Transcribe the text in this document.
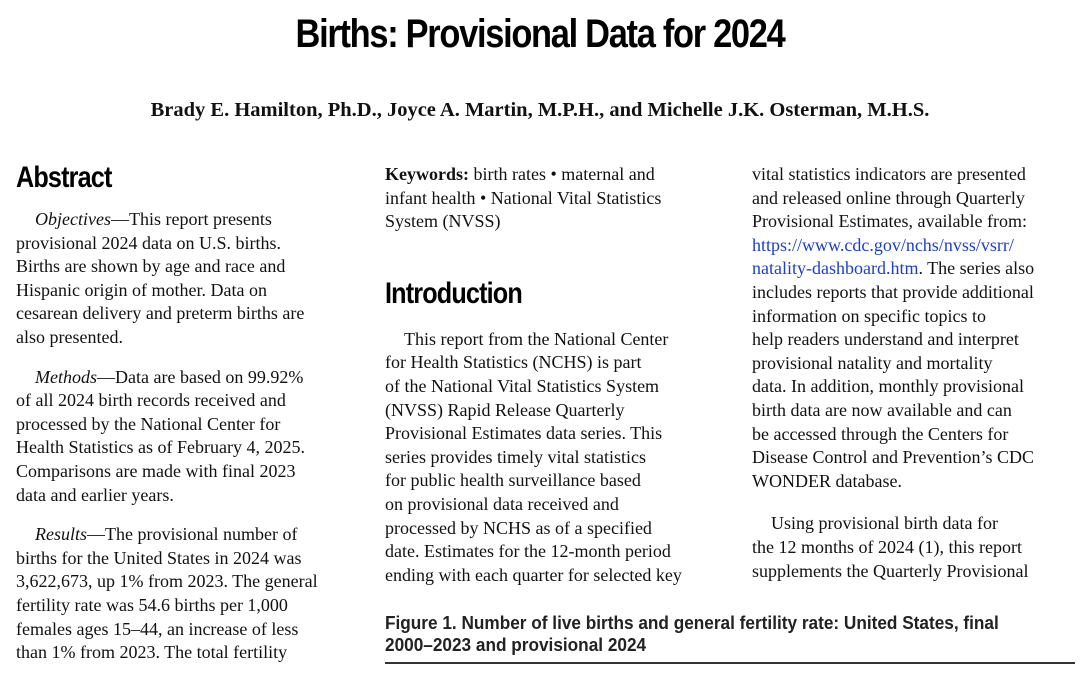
Births: Provisional Data for 2024
Brady E. Hamilton, Ph.D., Joyce A. Martin, M.P.H., and Michelle J.K. Osterman, M.H.S.
Abstract

Objectives—This report presents
provisional 2024 data on U.S. births.
Births are shown by age and race and
Hispanic origin of mother. Data on
cesarean delivery and preterm births are
also presented.

Methods—Data are based on 99.92%
of all 2024 birth records received and
processed by the National Center for
Health Statistics as of February 4, 2025.
Comparisons are made with final 2023
data and earlier years.

Results—The provisional number of
births for the United States in 2024 was
3,622,673, up 1% from 2023. The general
fertility rate was 54.6 births per 1,000
females ages 15–44, an increase of less
than 1% from 2023. The total fertility

Keywords: birth rates • maternal and
infant health • National Vital Statistics
System (NVSS)

Introduction

This report from the National Center
for Health Statistics (NCHS) is part
of the National Vital Statistics System
(NVSS) Rapid Release Quarterly
Provisional Estimates data series. This
series provides timely vital statistics
for public health surveillance based
on provisional data received and
processed by NCHS as of a specified
date. Estimates for the 12-month period
ending with each quarter for selected key

vital statistics indicators are presented
and released online through Quarterly
Provisional Estimates, available from:
https://www.cdc.gov/nchs/nvss/vsrr/
natality-dashboard.htm. The series also
includes reports that provide additional
information on specific topics to
help readers understand and interpret
provisional natality and mortality
data. In addition, monthly provisional
birth data are now available and can
be accessed through the Centers for
Disease Control and Prevention’s CDC
WONDER database.

Using provisional birth data for
the 12 months of 2024 (1), this report
supplements the Quarterly Provisional

Figure 1. Number of live births and general fertility rate: United States, final
2000–2023 and provisional 2024
